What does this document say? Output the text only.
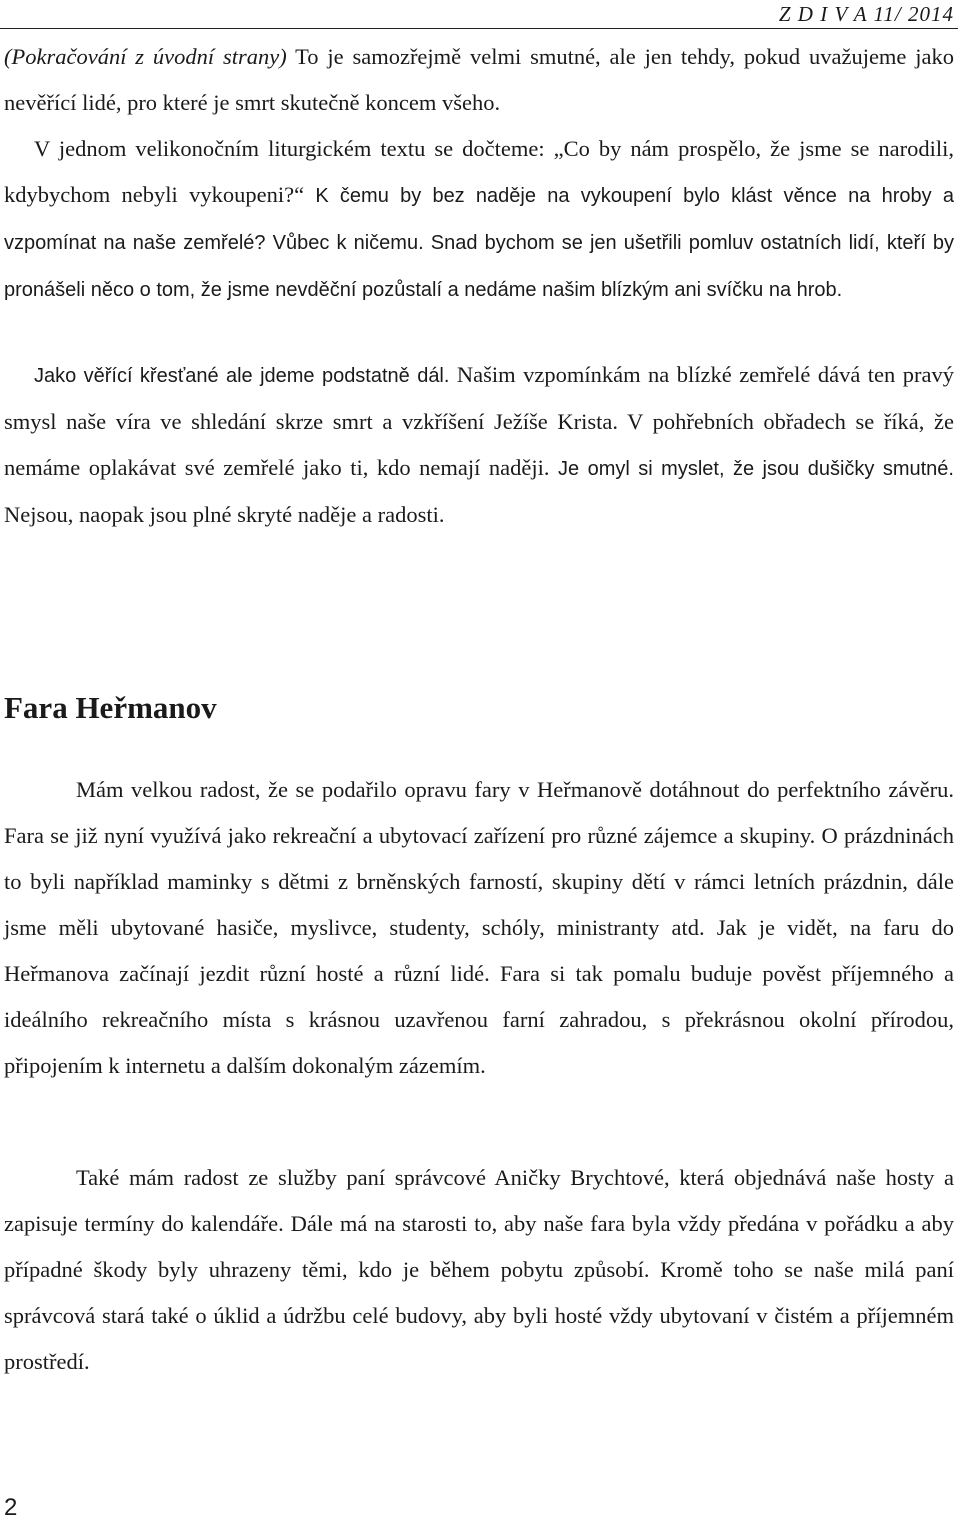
Z D I V A 11/ 2014

(Pokračování z úvodní strany) To je samozřejmě velmi smutné, ale jen tehdy, pokud uvažujeme jako nevěřící lidé, pro které je smrt skutečně koncem všeho.

V jednom velikonočním liturgickém textu se dočteme: „Co by nám prospělo, že jsme se narodili, kdybychom nebyli vykoupeni?“ K čemu by bez naděje na vykoupení bylo klást věnce na hroby a vzpomínat na naše zemřelé? Vůbec k ničemu. Snad bychom se jen ušetřili pomluv ostatních lidí, kteří by pronášeli něco o tom, že jsme nevděční pozůstalí a nedáme našim blízkým ani svíčku na hrob.

Jako věřící křesťané ale jdeme podstatně dál. Našim vzpomínkám na blízké zemřelé dává ten pravý smysl naše víra ve shledání skrze smrt a vzkříšení Ježíše Krista. V pohřebních obřadech se říká, že nemáme oplakávat své zemřelé jako ti, kdo nemají naději. Je omyl si myslet, že jsou dušičky smutné. Nejsou, naopak jsou plné skryté naděje a radosti.

Fara Heřmanov

Mám velkou radost, že se podařilo opravu fary v Heřmanově dotáhnout do perfektního závěru. Fara se již nyní využívá jako rekreační a ubytovací zařízení pro různé zájemce a skupiny. O prázdninách to byli například maminky s dětmi z brněnských farností, skupiny dětí v rámci letních prázdnin, dále jsme měli ubytované hasiče, myslivce, studenty, schóly, ministranty atd. Jak je vidět, na faru do Heřmanova začínají jezdit různí hosté a různí lidé. Fara si tak pomalu buduje pověst příjemného a ideálního rekreačního místa s krásnou uzavřenou farní zahradou, s překrásnou okolní přírodou, připojením k internetu a dalším dokonalým zázemím.

Také mám radost ze služby paní správcové Aničky Brychtové, která objednává naše hosty a zapisuje termíny do kalendáře. Dále má na starosti to, aby naše fara byla vždy předána v pořádku a aby případné škody byly uhrazeny těmi, kdo je během pobytu způsobí. Kromě toho se naše milá paní správcová stará také o úklid a údržbu celé budovy, aby byli hosté vždy ubytovaní v čistém a příjemném prostředí.

2
